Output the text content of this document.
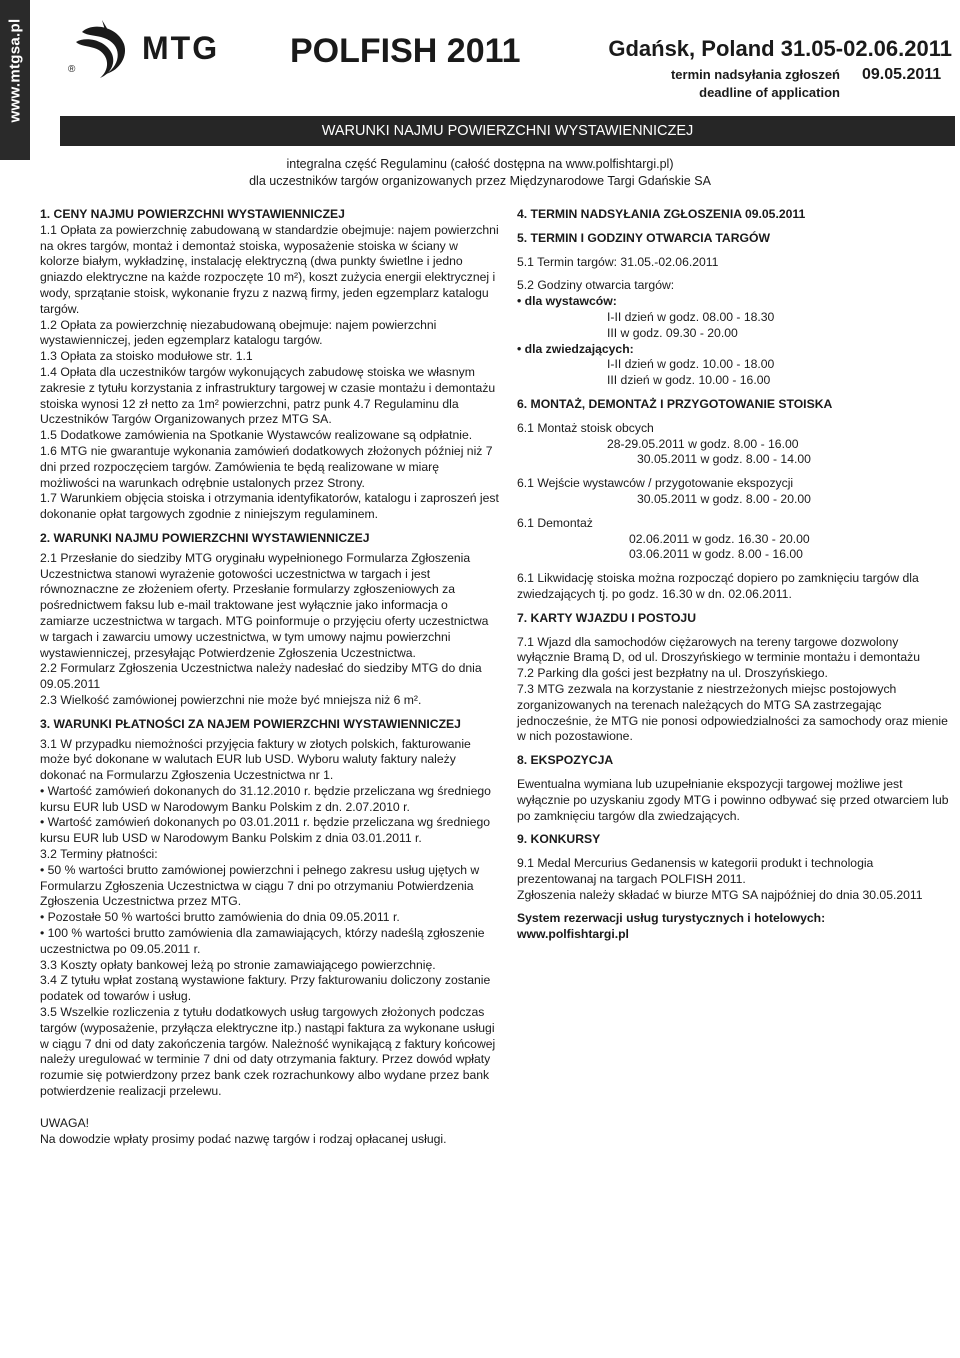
www.mtgsa.pl	MTG
®	POLFISH 2011	Gdańsk, Poland 31.05-02.06.2011
termin nadsyłania zgłoszeń
deadline of application
09.05.2011
WARUNKI NAJMU POWIERZCHNI WYSTAWIENNICZEJ
integralna część Regulaminu (całość dostępna na www.polfishtargi.pl)
dla uczestników targów organizowanych przez Międzynarodowe Targi Gdańskie SA

1. CENY NAJMU POWIERZCHNI WYSTAWIENNICZEJ

1.1 Opłata za powierzchnię zabudowaną w standardzie obejmuje: najem powierzchni na okres targów, montaż i demontaż stoiska, wyposażenie stoiska w ściany w kolorze białym, wykładzinę, instalację elektryczną (dwa punkty świetlne i jedno gniazdo elektryczne na każde rozpoczęte 10 m²), koszt zużycia energii elektrycznej i wody, sprzątanie stoisk, wykonanie fryzu z nazwą firmy, jeden egzemplarz katalogu targów.

1.2 Opłata za powierzchnię niezabudowaną obejmuje: najem powierzchni wystawienniczej, jeden egzemplarz katalogu targów.

1.3 Opłata za stoisko modułowe str. 1.1

1.4 Opłata dla uczestników targów wykonujących zabudowę stoiska we własnym zakresie z tytułu korzystania z infrastruktury targowej w czasie montażu i demontażu stoiska wynosi 12 zł netto za 1m² powierzchni, patrz punk 4.7 Regulaminu dla Uczestników Targów Organizowanych przez MTG SA.

1.5 Dodatkowe zamówienia na Spotkanie Wystawców realizowane są odpłatnie.

1.6 MTG nie gwarantuje wykonania zamówień dodatkowych złożonych później niż 7 dni przed rozpoczęciem targów. Zamówienia te będą realizowane w miarę możliwości na warunkach odrębnie ustalonych przez Strony.

1.7 Warunkiem objęcia stoiska i otrzymania identyfikatorów, katalogu i zaproszeń jest dokonanie opłat targowych zgodnie z niniejszym regulaminem.

2. WARUNKI NAJMU POWIERZCHNI WYSTAWIENNICZEJ

2.1 Przesłanie do siedziby MTG oryginału wypełnionego Formularza Zgłoszenia Uczestnictwa stanowi wyrażenie gotowości uczestnictwa w targach i jest równoznaczne ze złożeniem oferty. Przesłanie formularzy zgłoszeniowych za pośrednictwem faksu lub e-mail traktowane jest wyłącznie jako informacja o zamiarze uczestnictwa w targach. MTG poinformuje o przyjęciu oferty uczestnictwa w targach i zawarciu umowy uczestnictwa, w tym umowy najmu powierzchni wystawienniczej, przesyłając Potwierdzenie Zgłoszenia Uczestnictwa.

2.2 Formularz Zgłoszenia Uczestnictwa należy nadesłać do siedziby MTG do dnia 09.05.2011

2.3 Wielkość zamówionej powierzchni nie może być mniejsza niż 6 m².

3. WARUNKI PŁATNOŚCI ZA NAJEM POWIERZCHNI WYSTAWIENNICZEJ

3.1 W przypadku niemożności przyjęcia faktury w złotych polskich, fakturowanie może być dokonane w walutach EUR lub USD. Wyboru waluty faktury należy dokonać na Formularzu Zgłoszenia Uczestnictwa nr 1.

• Wartość zamówień dokonanych do 31.12.2010 r. będzie przeliczana wg średniego kursu EUR lub USD w Narodowym Banku Polskim z dn. 2.07.2010 r.

• Wartość zamówień dokonanych po 03.01.2011 r. będzie przeliczana wg średniego kursu EUR lub USD w Narodowym Banku Polskim z dnia 03.01.2011 r.

3.2 Terminy płatności:

• 50 % wartości brutto zamówionej powierzchni i pełnego zakresu usług ujętych w Formularzu Zgłoszenia Uczestnictwa w ciągu 7 dni po otrzymaniu Potwierdzenia Zgłoszenia Uczestnictwa przez MTG.

• Pozostałe 50 % wartości brutto zamówienia do dnia 09.05.2011 r.

• 100 % wartości brutto zamówienia dla zamawiających, którzy nadeślą zgłoszenie uczestnictwa po 09.05.2011 r.

3.3 Koszty opłaty bankowej leżą po stronie zamawiającego powierzchnię.

3.4 Z tytułu wpłat zostaną wystawione faktury. Przy fakturowaniu doliczony zostanie podatek od towarów i usług.

3.5 Wszelkie rozliczenia z tytułu dodatkowych usług targowych złożonych podczas targów (wyposażenie, przyłącza elektryczne itp.) nastąpi faktura za wykonane usługi w ciągu 7 dni od daty zakończenia targów. Należność wynikającą z faktury końcowej należy uregulować w terminie 7 dni od daty otrzymania faktury. Przez dowód wpłaty rozumie się potwierdzony przez bank czek rozrachunkowy albo wydane przez bank potwierdzenie realizacji przelewu.

UWAGA!

Na dowodzie wpłaty prosimy podać nazwę targów i rodzaj opłacanej usługi.

4. TERMIN NADSYŁANIA ZGŁOSZENIA 09.05.2011

5. TERMIN I GODZINY OTWARCIA TARGÓW

5.1 Termin targów: 31.05.-02.06.2011

5.2 Godziny otwarcia targów:

• dla wystawców:

I-II dzień w godz. 08.00 - 18.30

III w godz. 09.30 - 20.00

• dla zwiedzających:

I-II dzień w godz. 10.00 - 18.00

III dzień w godz. 10.00 - 16.00

6. MONTAŻ, DEMONTAŻ I PRZYGOTOWANIE STOISKA

6.1 Montaż stoisk obcych

28-29.05.2011 w godz. 8.00 - 16.00

30.05.2011 w godz. 8.00 - 14.00

6.1 Wejście wystawców / przygotowanie ekspozycji

30.05.2011 w godz. 8.00 - 20.00

6.1 Demontaż

02.06.2011 w godz. 16.30 - 20.00

03.06.2011 w godz. 8.00 - 16.00

6.1 Likwidację stoiska można rozpocząć dopiero po zamknięciu targów dla zwiedzających tj. po godz. 16.30 w dn. 02.06.2011.

7. KARTY WJAZDU I POSTOJU

7.1 Wjazd dla samochodów ciężarowych na tereny targowe dozwolony wyłącznie Bramą D, od ul. Droszyńskiego w terminie montażu i demontażu

7.2 Parking dla gości jest bezpłatny na ul. Droszyńskiego.

7.3 MTG zezwala na korzystanie z niestrzeżonych miejsc postojowych zorganizowanych na terenach należących do MTG SA zastrzegając jednocześnie, że MTG nie ponosi odpowiedzialności za samochody oraz mienie w nich pozostawione.

8. EKSPOZYCJA

Ewentualna wymiana lub uzupełnianie ekspozycji targowej możliwe jest wyłącznie po uzyskaniu zgody MTG i powinno odbywać się przed otwarciem lub po zamknięciu targów dla zwiedzających.

9. KONKURSY

9.1 Medal Mercurius Gedanensis w kategorii produkt i technologia prezentowanaj na targach POLFISH 2011.

Zgłoszenia należy składać w biurze MTG SA najpóźniej do dnia 30.05.2011

System rezerwacji usług turystycznych i hotelowych:

www.polfishtargi.pl
